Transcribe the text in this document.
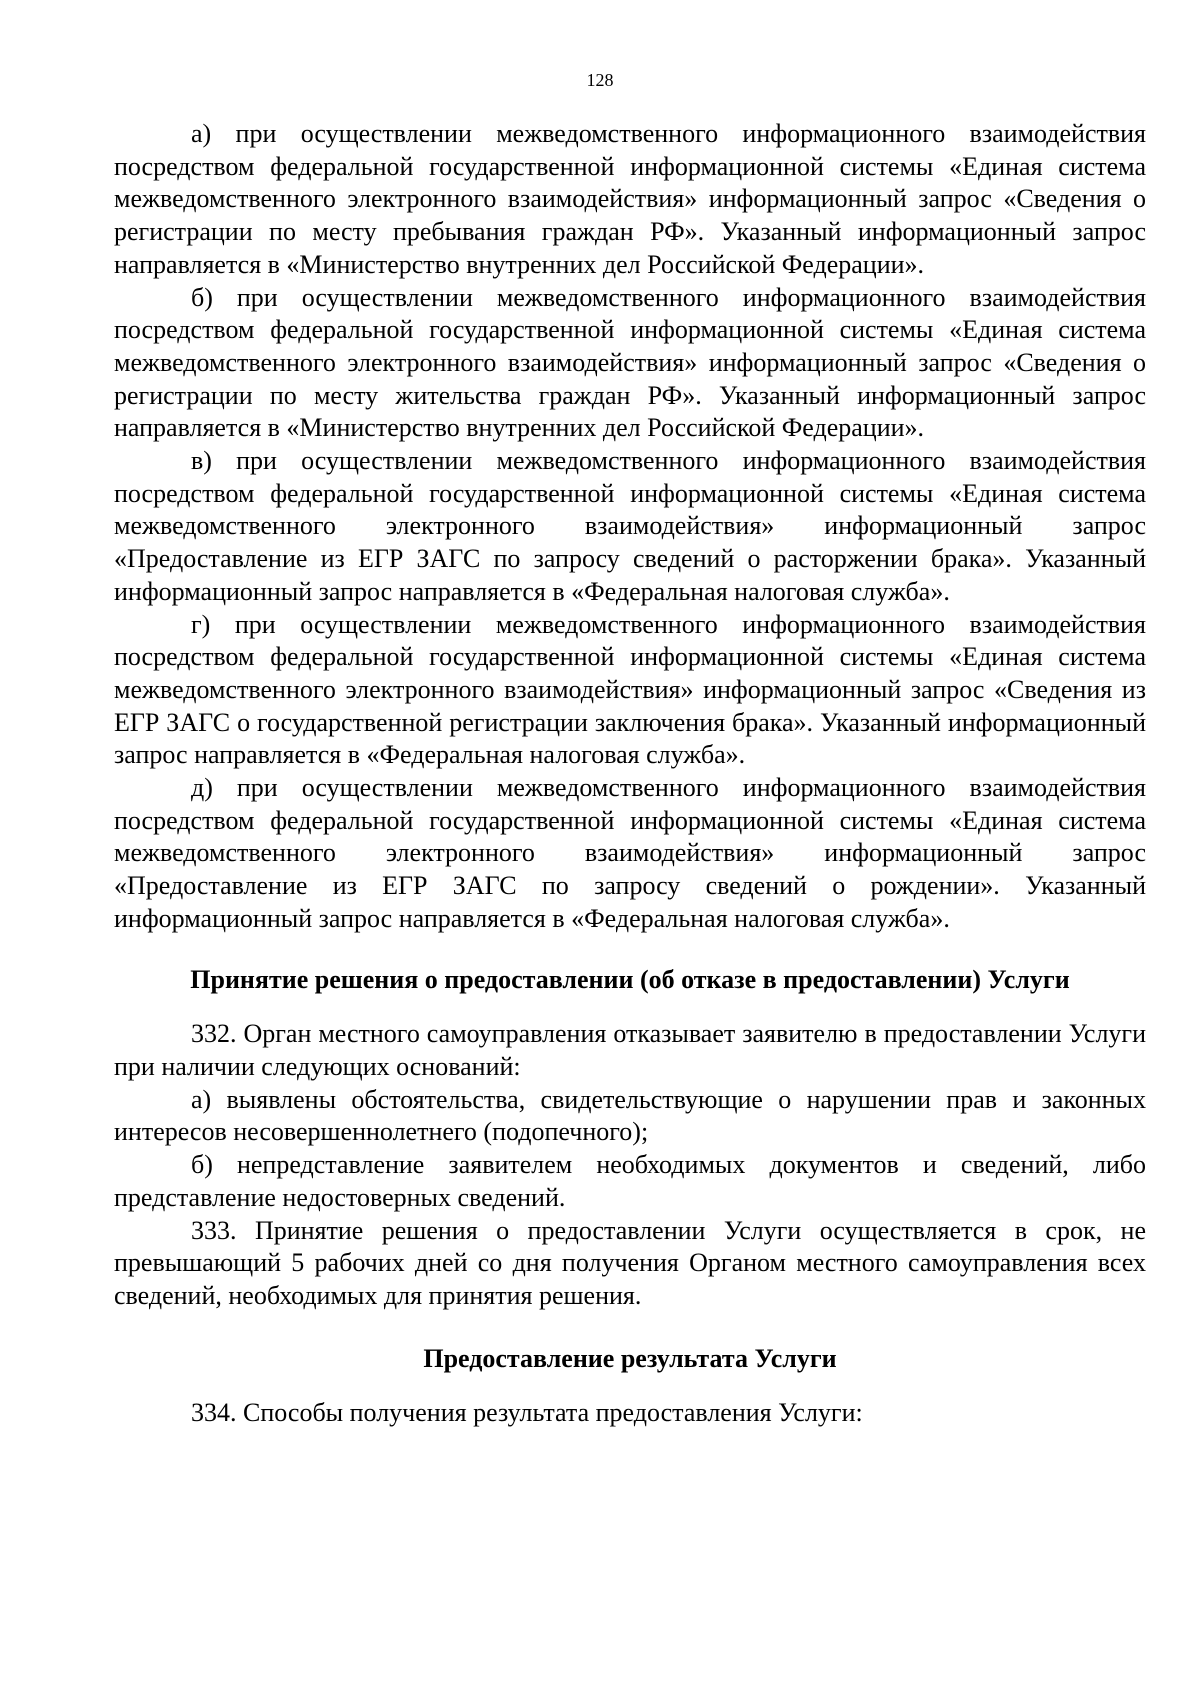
128

а) при осуществлении межведомственного информационного взаимодействия посредством федеральной государственной информационной системы «Единая система межведомственного электронного взаимодействия» информационный запрос «Сведения о регистрации по месту пребывания граждан РФ». Указанный информационный запрос направляется в «Министерство внутренних дел Российской Федерации».

б) при осуществлении межведомственного информационного взаимодействия посредством федеральной государственной информационной системы «Единая система межведомственного электронного взаимодействия» информационный запрос «Сведения о регистрации по месту жительства граждан РФ». Указанный информационный запрос направляется в «Министерство внутренних дел Российской Федерации».

в) при осуществлении межведомственного информационного взаимодействия посредством федеральной государственной информационной системы «Единая система межведомственного электронного взаимодействия» информационный запрос «Предоставление из ЕГР ЗАГС по запросу сведений о расторжении брака». Указанный информационный запрос направляется в «Федеральная налоговая служба».

г) при осуществлении межведомственного информационного взаимодействия посредством федеральной государственной информационной системы «Единая система межведомственного электронного взаимодействия» информационный запрос «Сведения из ЕГР ЗАГС о государственной регистрации заключения брака». Указанный информационный запрос направляется в «Федеральная налоговая служба».

д) при осуществлении межведомственного информационного взаимодействия посредством федеральной государственной информационной системы «Единая система межведомственного электронного взаимодействия» информационный запрос «Предоставление из ЕГР ЗАГС по запросу сведений о рождении». Указанный информационный запрос направляется в «Федеральная налоговая служба».

Принятие решения о предоставлении (об отказе в предоставлении) Услуги

332. Орган местного самоуправления отказывает заявителю в предоставлении Услуги при наличии следующих оснований:

а) выявлены обстоятельства, свидетельствующие о нарушении прав и законных интересов несовершеннолетнего (подопечного);

б) непредставление заявителем необходимых документов и сведений, либо представление недостоверных сведений.

333. Принятие решения о предоставлении Услуги осуществляется в срок, не превышающий 5 рабочих дней со дня получения Органом местного самоуправления всех сведений, необходимых для принятия решения.

Предоставление результата Услуги

334. Способы получения результата предоставления Услуги:
